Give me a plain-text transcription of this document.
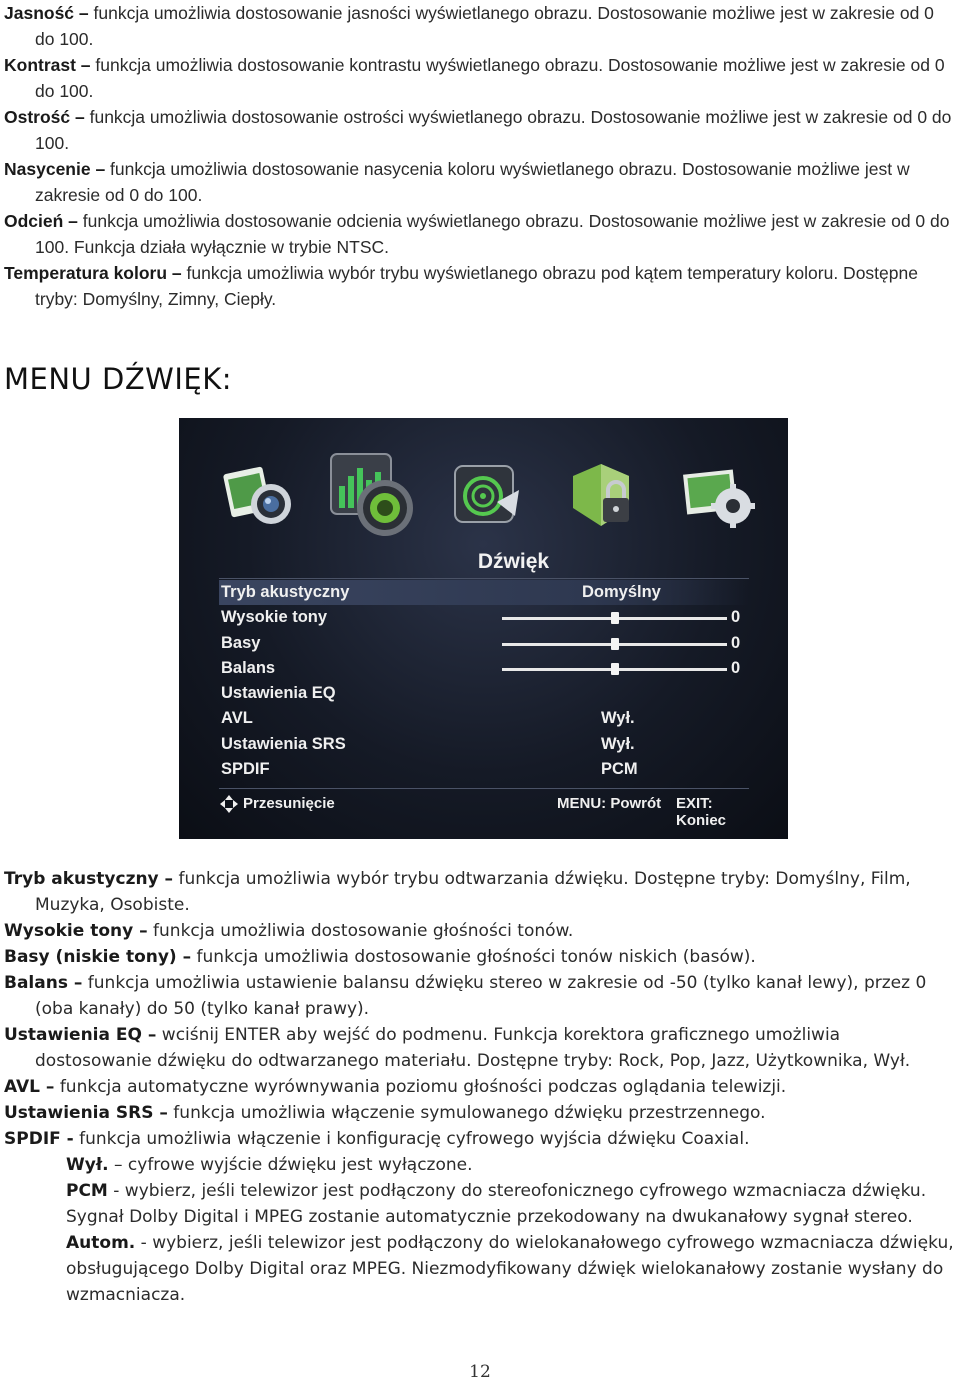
Jasność – funkcja umożliwia dostosowanie jasności wyświetlanego obrazu. Dostosowanie możliwe jest w zakresie od 0 do 100.

Kontrast – funkcja umożliwia dostosowanie kontrastu wyświetlanego obrazu. Dostosowanie możliwe jest w zakresie od 0 do 100.

Ostrość – funkcja umożliwia dostosowanie ostrości wyświetlanego obrazu. Dostosowanie możliwe jest w zakresie od 0 do 100.

Nasycenie – funkcja umożliwia dostosowanie nasycenia koloru wyświetlanego obrazu. Dostosowanie możliwe jest w zakresie od 0 do 100.

Odcień – funkcja umożliwia dostosowanie odcienia wyświetlanego obrazu. Dostosowanie możliwe jest w zakresie od 0 do 100. Funkcja działa wyłącznie w trybie NTSC.

Temperatura koloru – funkcja umożliwia wybór trybu wyświetlanego obrazu pod kątem temperatury koloru. Dostępne tryby: Domyślny, Zimny, Ciepły.

MENU DŹWIĘK:
Dźwięk
Tryb akustyczny	Domyślny
Wysokie tony	0
Basy	0
Balans	0
Ustawienia EQ
AVL	Wył.
Ustawienia SRS	Wył.
SPDIF	PCM
Przesunięcie	MENU: Powrót EXIT: Koniec

Tryb akustyczny – funkcja umożliwia wybór trybu odtwarzania dźwięku. Dostępne tryby: Domyślny, Film, Muzyka, Osobiste.

Wysokie tony – funkcja umożliwia dostosowanie głośności tonów.

Basy (niskie tony) – funkcja umożliwia dostosowanie głośności tonów niskich (basów).

Balans – funkcja umożliwia ustawienie balansu dźwięku stereo w zakresie od -50 (tylko kanał lewy), przez 0 (oba kanały) do 50 (tylko kanał prawy).

Ustawienia EQ – wciśnij ENTER aby wejść do podmenu. Funkcja korektora graficznego umożliwia dostosowanie dźwięku do odtwarzanego materiału. Dostępne tryby: Rock, Pop, Jazz, Użytkownika, Wył.

AVL – funkcja automatyczne wyrównywania poziomu głośności podczas oglądania telewizji.

Ustawienia SRS – funkcja umożliwia włączenie symulowanego dźwięku przestrzennego.

SPDIF - funkcja umożliwia włączenie i konfigurację cyfrowego wyjścia dźwięku Coaxial.

Wył. – cyfrowe wyjście dźwięku jest wyłączone.

PCM - wybierz, jeśli telewizor jest podłączony do stereofonicznego cyfrowego wzmacniacza dźwięku. Sygnał Dolby Digital i MPEG zostanie automatycznie przekodowany na dwukanałowy sygnał stereo.

Autom. - wybierz, jeśli telewizor jest podłączony do wielokanałowego cyfrowego wzmacniacza dźwięku, obsługującego Dolby Digital oraz MPEG. Niezmodyfikowany dźwięk wielokanałowy zostanie wysłany do wzmacniacza.

12
